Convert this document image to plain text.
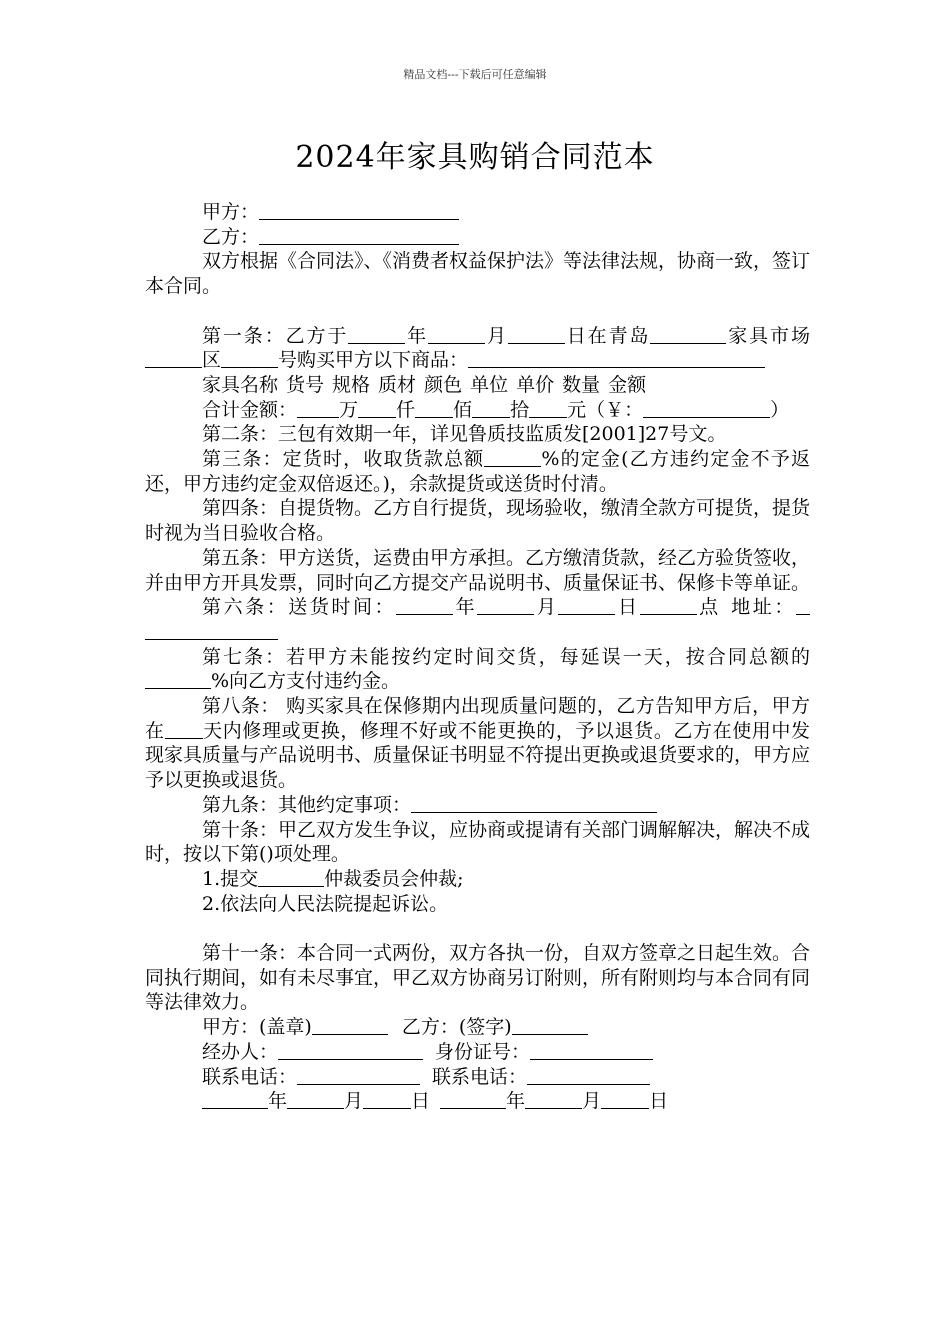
精品文档---下载后可任意编辑
2024年家具购销合同范本

甲方：

乙方：

双方根据《合同法》、《消费者权益保护法》等法律法规，协商一致，签订本合同。

第一条：乙方于	年	月	日在青岛	家具市场区	号购买甲方以下商品：

家具名称 货号 规格 质材 颜色 单位 单价 数量 金额

合计金额： 万 仟 佰 拾 元（￥：	）

第二条：三包有效期一年，详见鲁质技监质发[2001]27号文。

第三条：定货时，收取货款总额	%的定金(乙方违约定金不予返还，甲方违约定金双倍返还。)，余款提货或送货时付清。

第四条：自提货物。乙方自行提货，现场验收，缴清全款方可提货，提货时视为当日验收合格。

第五条：甲方送货，运费由甲方承担。乙方缴清货款，经乙方验货签收，并由甲方开具发票，同时向乙方提交产品说明书、质量保证书、保修卡等单证。

第六条：送货时间：	年	月	日	点 地址：

第七条：若甲方未能按约定时间交货，每延误一天，按合同总额的%向乙方支付违约金。

第八条： 购买家具在保修期内出现质量问题的，乙方告知甲方后，甲方在 天内修理或更换，修理不好或不能更换的，予以退货。乙方在使用中发现家具质量与产品说明书、质量保证书明显不符提出更换或退货要求的，甲方应予以更换或退货。

第九条：其他约定事项：

第十条：甲乙双方发生争议，应协商或提请有关部门调解解决，解决不成时，按以下第()项处理。

1.提交	仲裁委员会仲裁;

2.依法向人民法院提起诉讼。

第十一条：本合同一式两份，双方各执一份，自双方签章之日起生效。合同执行期间，如有未尽事宜，甲乙双方协商另订附则，所有附则均与本合同有同等法律效力。

甲方：(盖章)	乙方：(签字)

经办人：	身份证号：

联系电话：	联系电话：

年	月	日	年	月	日
